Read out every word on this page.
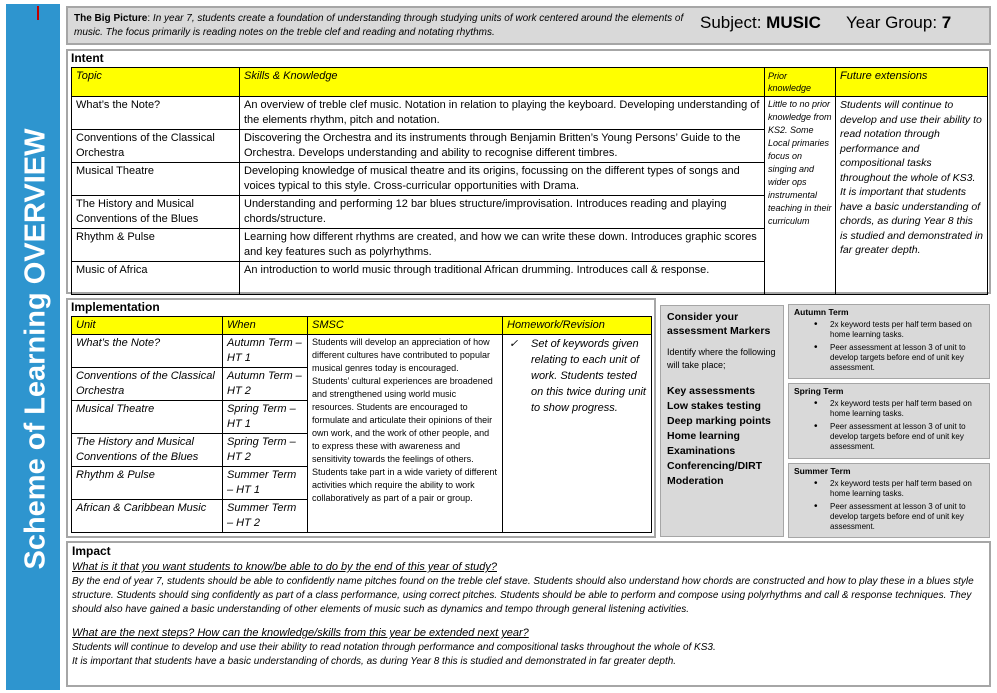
Scheme of Learning OVERVIEW
The Big Picture: In year 7, students create a foundation of understanding through studying units of work centered around the elements of music. The focus primarily is reading notes on the treble clef and reading and notating rhythms.
Subject: MUSIC Year Group: 7
Intent
Topic	Skills & Knowledge	Prior knowledge	Future extensions
What’s the Note?	An overview of treble clef music. Notation in relation to playing the keyboard. Developing understanding of the elements rhythm, pitch and notation.	Little to no prior knowledge from KS2. Some Local primaries focus on singing and wider ops instrumental teaching in their curriculum	Students will continue to develop and use their ability to read notation through performance and compositional tasks throughout the whole of KS3.
It is important that students have a basic understanding of chords, as during Year 8 this is studied and demonstrated in far greater depth.

Conventions of the Classical Orchestra	Discovering the Orchestra and its instruments through Benjamin Britten’s Young Persons’ Guide to the Orchestra. Develops understanding and ability to recognise different timbres.		
Musical Theatre	Developing knowledge of musical theatre and its origins, focussing on the different types of songs and voices typical to this style. Cross-curricular opportunities with Drama.		
The History and Musical Conventions of the Blues	Understanding and performing 12 bar blues structure/improvisation. Introduces reading and playing chords/structure.		
Rhythm & Pulse	Learning how different rhythms are created, and how we can write these down. Introduces graphic scores and key features such as polyrhythms.		
Music of Africa	An introduction to world music through traditional African drumming. Introduces call & response.		
Implementation
Unit	When	SMSC	Homework/Revision
What’s the Note?	Autumn Term – HT 1	Students will develop an appreciation of how different cultures have contributed to popular musical genres today is encouraged. Students’ cultural experiences are broadened and strengthened using world music resources. Students are encouraged to formulate and articulate their opinions of their own work, and the work of other people, and to express these with awareness and sensitivity towards the feelings of others. Students take part in a wide variety of different activities which require the ability to work collaboratively as part of a pair or group.	✓ Set of keywords given relating to each unit of work. Students tested on this twice during unit to show progress.

Conventions of the Classical Orchestra	Autumn Term – HT 2		
Musical Theatre	Spring Term – HT 1		
The History and Musical Conventions of the Blues	Spring Term – HT 2		
Rhythm & Pulse	Summer Term – HT 1		
African & Caribbean Music	Summer Term – HT 2		
Consider your assessment Markers
Identify where the following will take place;
Key assessments
Low stakes testing
Deep marking points
Home learning
Examinations
Conferencing/DIRT
Moderation
Autumn Term
• 2x keyword tests per half term based on home learning tasks.
• Peer assessment at lesson 3 of unit to develop targets before end of unit key assessment.
Spring Term
• 2x keyword tests per half term based on home learning tasks.
• Peer assessment at lesson 3 of unit to develop targets before end of unit key assessment.
Summer Term
• 2x keyword tests per half term based on home learning tasks.
• Peer assessment at lesson 3 of unit to develop targets before end of unit key assessment.
Impact
What is it that you want students to know/be able to do by the end of this year of study?
By the end of year 7, students should be able to confidently name pitches found on the treble clef stave. Students should also understand how chords are constructed and how to play these in a blues style structure. Students should sing confidently as part of a class performance, using correct pitches. Students should be able to perform and compose using polyrhythms and call & response techniques. They should also have gained a basic understanding of other elements of music such as dynamics and tempo through general listening activities.
What are the next steps? How can the knowledge/skills from this year be extended next year?
Students will continue to develop and use their ability to read notation through performance and compositional tasks throughout the whole of KS3.
It is important that students have a basic understanding of chords, as during Year 8 this is studied and demonstrated in far greater depth.
